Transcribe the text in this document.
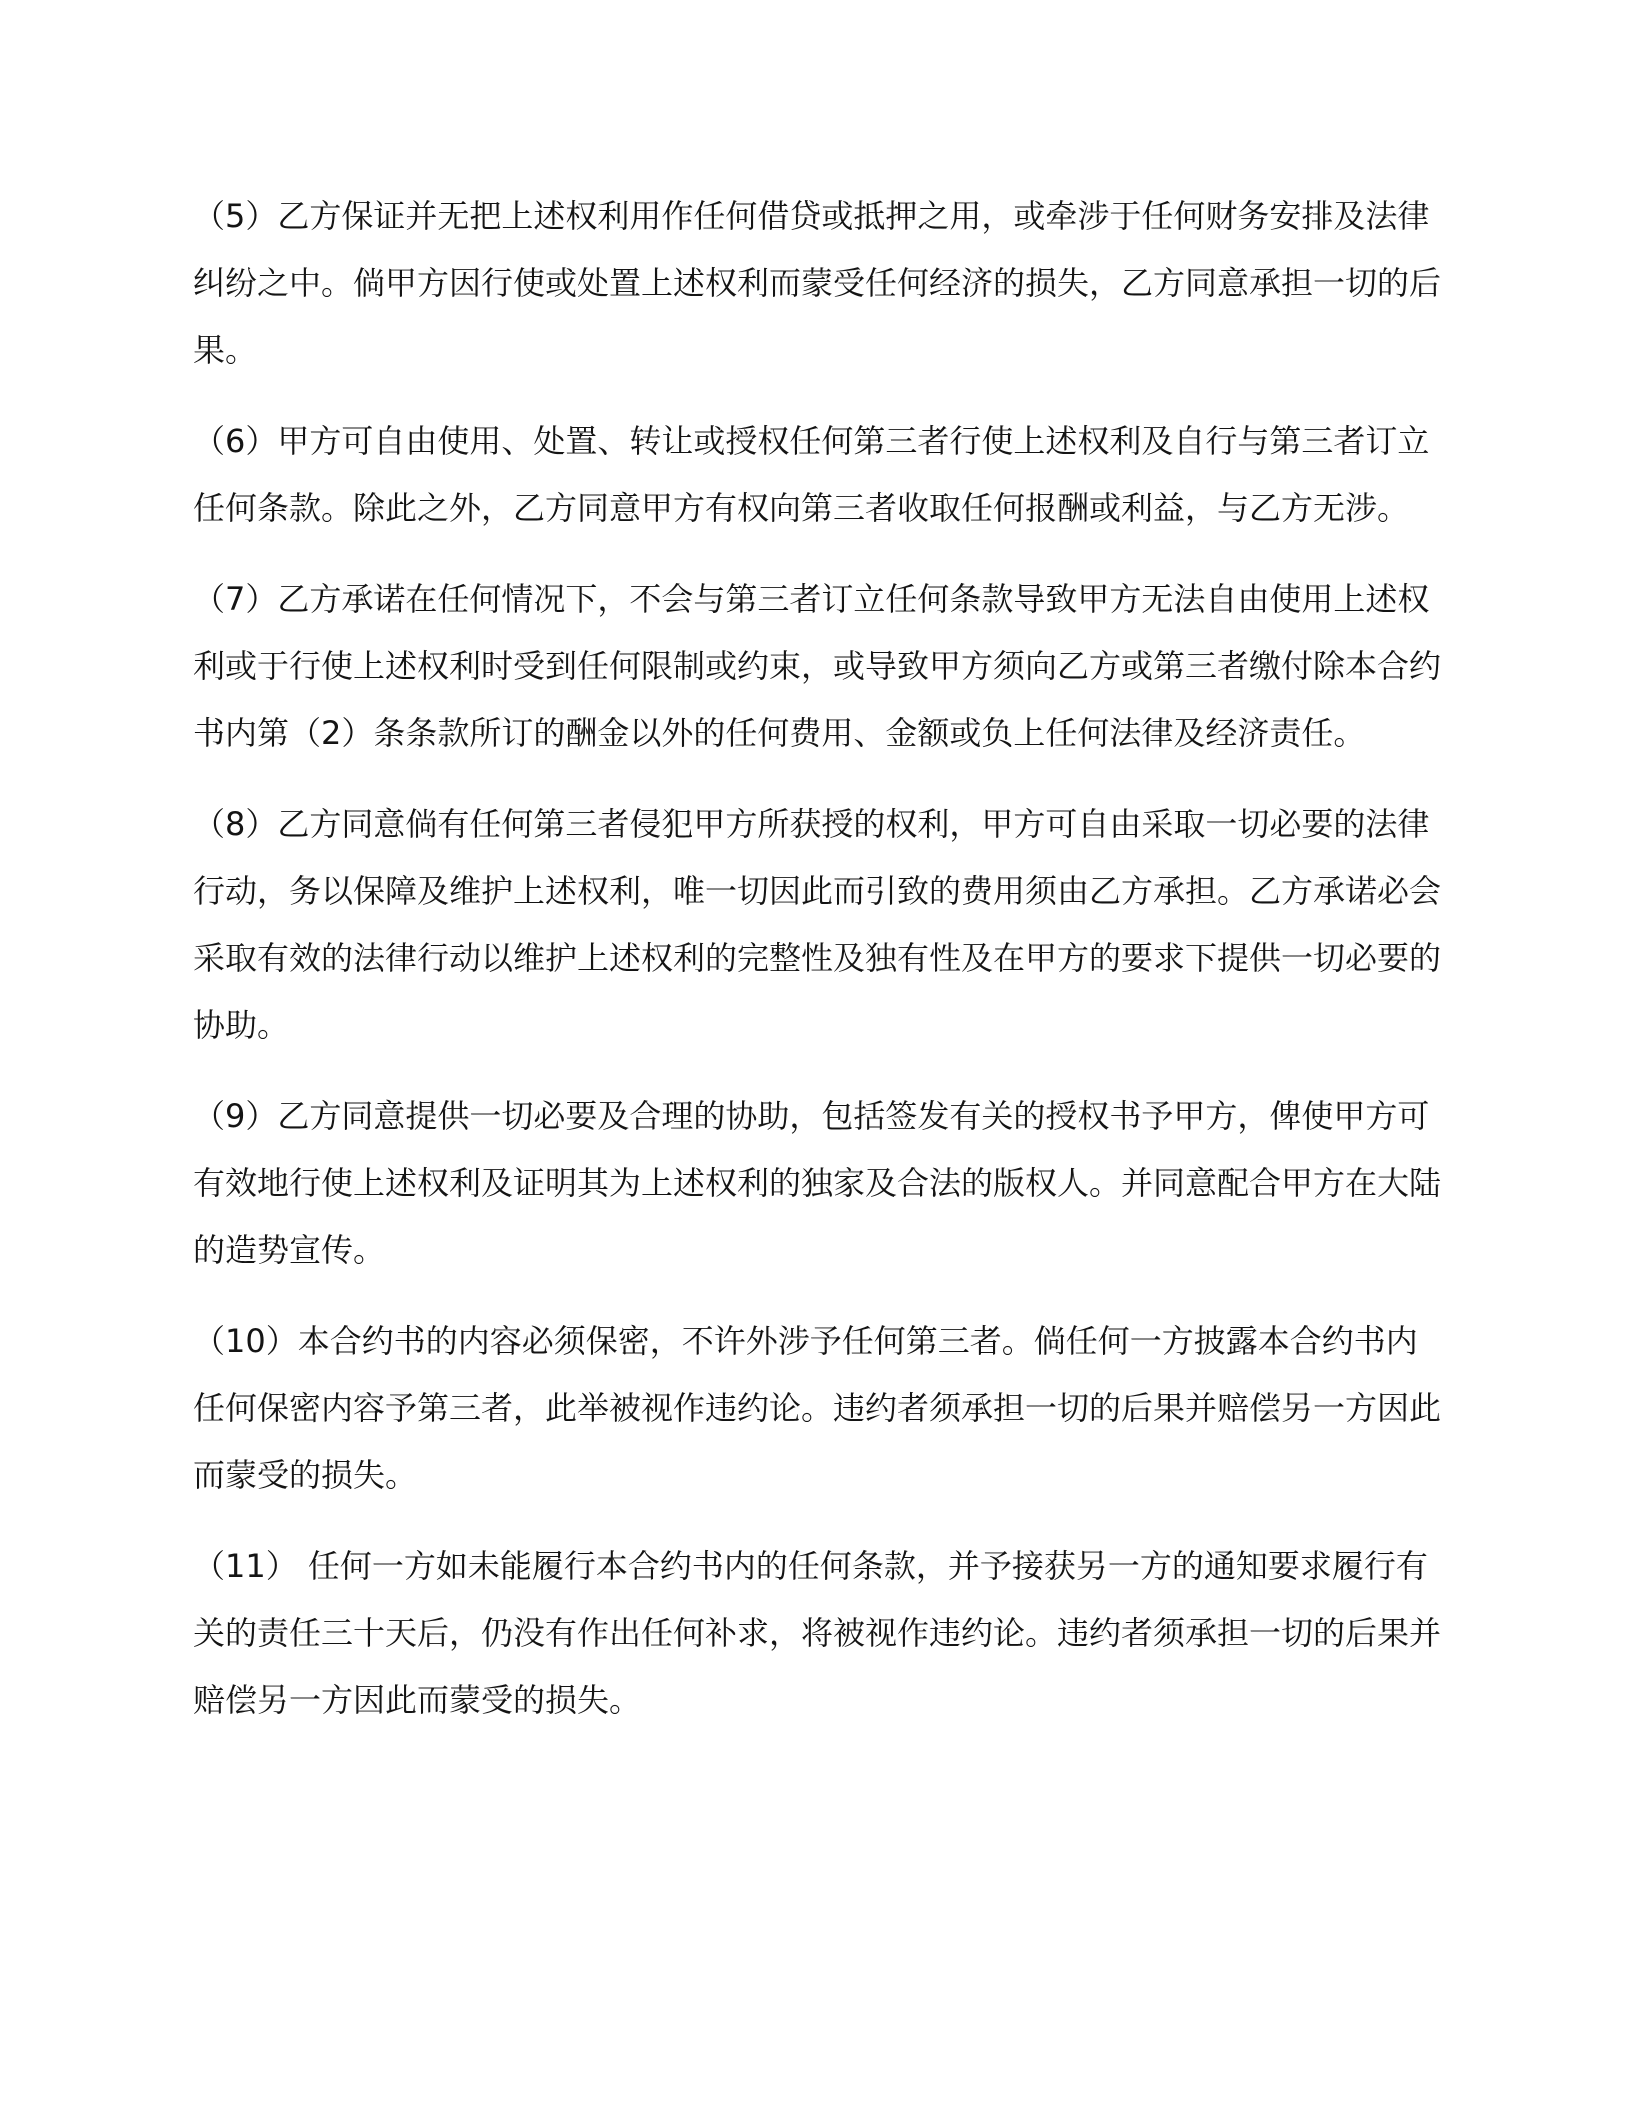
（5）乙方保证并无把上述权利用作任何借贷或抵押之用，或牵涉于任何财务安排及法律纠纷之中。倘甲方因行使或处置上述权利而蒙受任何经济的损失，乙方同意承担一切的后果。

（6）甲方可自由使用、处置、转让或授权任何第三者行使上述权利及自行与第三者订立任何条款。除此之外，乙方同意甲方有权向第三者收取任何报酬或利益，与乙方无涉。

（7）乙方承诺在任何情况下，不会与第三者订立任何条款导致甲方无法自由使用上述权利或于行使上述权利时受到任何限制或约束，或导致甲方须向乙方或第三者缴付除本合约书内第（2）条条款所订的酬金以外的任何费用、金额或负上任何法律及经济责任。

（8）乙方同意倘有任何第三者侵犯甲方所获授的权利，甲方可自由采取一切必要的法律行动，务以保障及维护上述权利，唯一切因此而引致的费用须由乙方承担。乙方承诺必会采取有效的法律行动以维护上述权利的完整性及独有性及在甲方的要求下提供一切必要的协助。

（9）乙方同意提供一切必要及合理的协助，包括签发有关的授权书予甲方，俾使甲方可有效地行使上述权利及证明其为上述权利的独家及合法的版权人。并同意配合甲方在大陆的造势宣传。

（10）本合约书的内容必须保密，不许外涉予任何第三者。倘任何一方披露本合约书内任何保密内容予第三者，此举被视作违约论。违约者须承担一切的后果并赔偿另一方因此而蒙受的损失。

（11） 任何一方如未能履行本合约书内的任何条款，并予接获另一方的通知要求履行有关的责任三十天后，仍没有作出任何补求，将被视作违约论。违约者须承担一切的后果并赔偿另一方因此而蒙受的损失。
